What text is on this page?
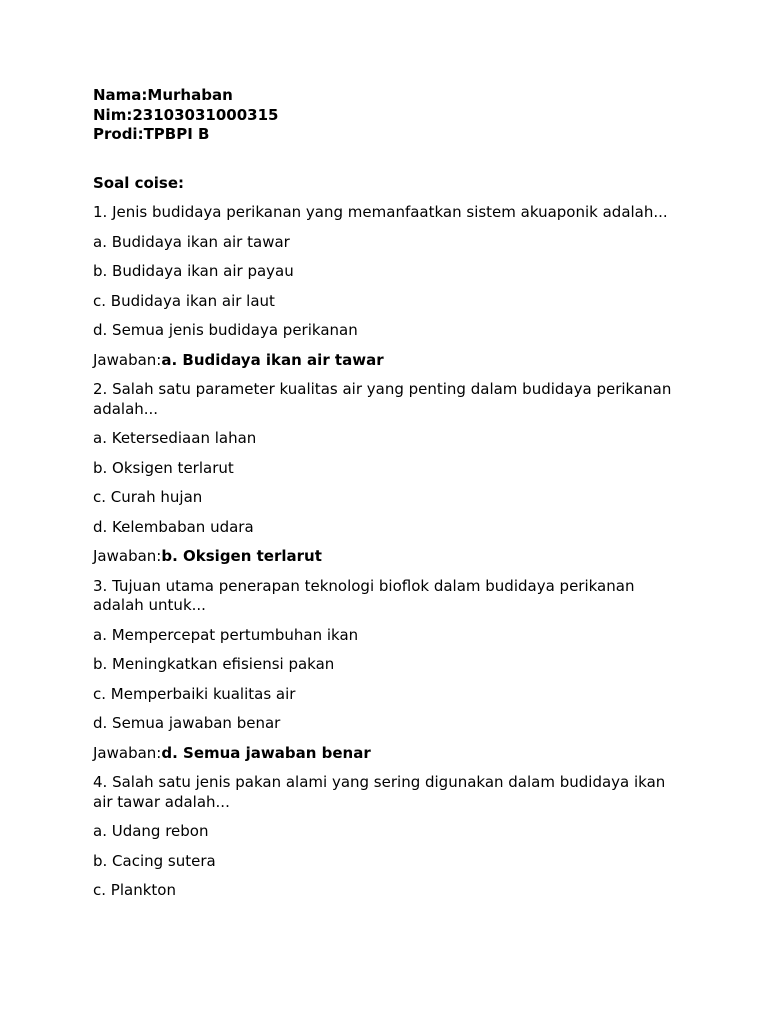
Nama:Murhaban
Nim:23103031000315
Prodi:TPBPI B
Soal coise:
1. Jenis budidaya perikanan yang memanfaatkan sistem akuaponik adalah...
a. Budidaya ikan air tawar
b. Budidaya ikan air payau
c. Budidaya ikan air laut
d. Semua jenis budidaya perikanan
Jawaban:a. Budidaya ikan air tawar
2. Salah satu parameter kualitas air yang penting dalam budidaya perikanan adalah...
a. Ketersediaan lahan
b. Oksigen terlarut
c. Curah hujan
d. Kelembaban udara
Jawaban:b. Oksigen terlarut
3. Tujuan utama penerapan teknologi bioflok dalam budidaya perikanan adalah untuk...
a. Mempercepat pertumbuhan ikan
b. Meningkatkan efisiensi pakan
c. Memperbaiki kualitas air
d. Semua jawaban benar
Jawaban:d. Semua jawaban benar
4. Salah satu jenis pakan alami yang sering digunakan dalam budidaya ikan air tawar adalah...
a. Udang rebon
b. Cacing sutera
c. Plankton
